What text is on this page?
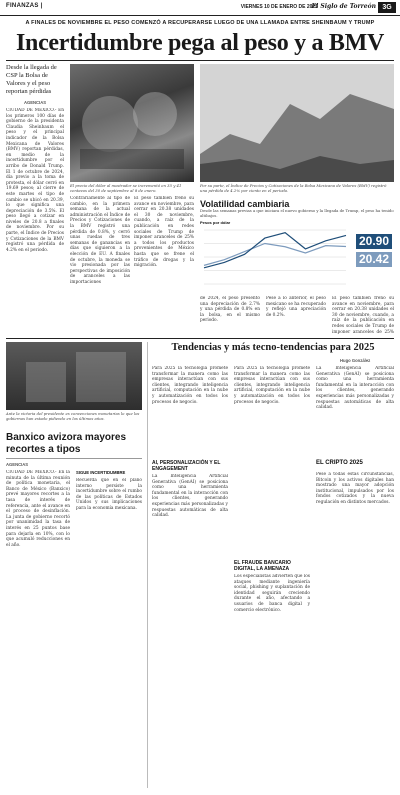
FINANZAS |	VIERNES 10 DE ENERO DE 2025
El Siglo de Torreón 3G
A FINALES DE NOVIEMBRE EL PESO COMENZÓ A RECUPERARSE LUEGO DE UNA LLAMADA ENTRE SHEINBAUM Y TRUMP
Incertidumbre pega al peso y a BMV
Desde la llegada de CSP la Bolsa de Valores y el peso reportan pérdidas
AGENCIAS
CIUDAD DE MÉXICO.- En los primeros 100 días de gobierno de la presidenta Claudia Sheinbaum el peso y el principal indicador de la Bolsa Mexicana de Valores (BMV) reportan pérdidas, en medio de la incertidumbre por el arribo de Donald Trump. El 1 de octubre de 2024, día previo a la toma de protesta, el dólar cerró en 19.69 pesos; al cierre de este martes el tipo de cambio se ubicó en 20.39, lo que significa una depreciación de 3.5%. El peso llegó a cotizar en niveles de 20.8 a finales de noviembre. Por su parte, el Índice de Precios y Cotizaciones de la BMV registró una pérdida de 4.2% en el periodo.
El precio del dólar al mostrador se incrementó en 35 y 41 centavos del 30 de septiembre al 8 de enero.
Contrariamente al tipo de cambio, en la primera semana de la actual administración el Índice de Precios y Cotizaciones de la BMV registró una pérdida de 0.8%, y cerró unas ruedas de tres semanas de ganancias en días que siguieron a la elección de EU. A finales de octubre, la moneda se vio presionada por las perspectivas de imposición de aranceles a las importaciones
El peso también frenó su avance en noviembre, para cerrar en 20.38 unidades el 30 de noviembre, cuando, a raíz de la publicación en redes sociales de Trump de imponer aranceles de 25% a todos los productos provenientes de México hasta que se frene el tráfico de drogas y la migración.
Por su parte, el Índice de Precios y Cotizaciones de la Bolsa Mexicana de Valores (BMV) registró una pérdida de 4.2% por ciento en el periodo.
Volatilidad cambiaria
Desde las semanas previas a que iniciara el nuevo gobierno y la llegada de Trump, el peso ha tenido altibajos.
Pesos por dólar
20.90
20.42
de 2024, el peso presentó una depreciación de 2.7% y una pérdida de 0.8% en la bolsa, en el mismo periodo.
Pese a lo anterior, el peso mexicano se ha recuperado y reflejó una apreciación de 0.2%.
El peso también frenó su avance en noviembre, para cerrar en 20.38 unidades el 30 de noviembre, cuando, a raíz de la publicación en redes sociales de Trump de imponer aranceles de 25%
Ante la victoria del presidente es convenciones monetarias lo que los gobiernos han estado pidiendo en los últimos años.
Banxico avizora mayores recortes a tipos
AGENCIAS
CIUDAD DE MÉXICO.- En la minuta de la última reunión de política monetaria, el Banco de México (Banxico) prevé mayores recortes a la tasa de interés de referencia, ante el avance en el proceso de desinflación. La junta de gobierno recortó por unanimidad la tasa de interés en 25 puntos base para dejarla en 10%, con lo que acumuló reducciones en el año.
SIGUE INCERTIDUMBRE
Recuerda que en el plano interno persiste la incertidumbre sobre el rumbo de las políticas de Estados Unidos y sus implicaciones para la economía mexicana.
Tendencias y más tecno-tendencias para 2025
Hugo González
Para 2025 la tecnología promete transformar la manera como las empresas interactúan con sus clientes, integrando inteligencia artificial, computación en la nube y automatización en todos los procesos de negocio.
AI, PERSONALIZACIÓN Y EL ENGAGEMENT
La Inteligencia Artificial Generativa (GenAI) se posiciona como una herramienta fundamental en la interacción con los clientes, generando experiencias más personalizadas y respuestas automáticas de alta calidad.
Para 2025 la tecnología promete transformar la manera como las empresas interactúan con sus clientes, integrando inteligencia artificial, computación en la nube y automatización en todos los procesos de negocio.
EL FRAUDE BANCARIO DIGITAL, LA AMENAZA
Los especialistas advierten que los ataques mediante ingeniería social, phishing y suplantación de identidad seguirán creciendo durante el año, afectando a usuarios de banca digital y comercio electrónico.
La Inteligencia Artificial Generativa (GenAI) se posiciona como una herramienta fundamental en la interacción con los clientes, generando experiencias más personalizadas y respuestas automáticas de alta calidad.
EL CRIPTO 2025
Pese a todas estas circunstancias, Bitcoin y los activos digitales han mostrado una mayor adopción institucional, impulsados por los fondos cotizados y la nueva regulación en distintos mercados.
